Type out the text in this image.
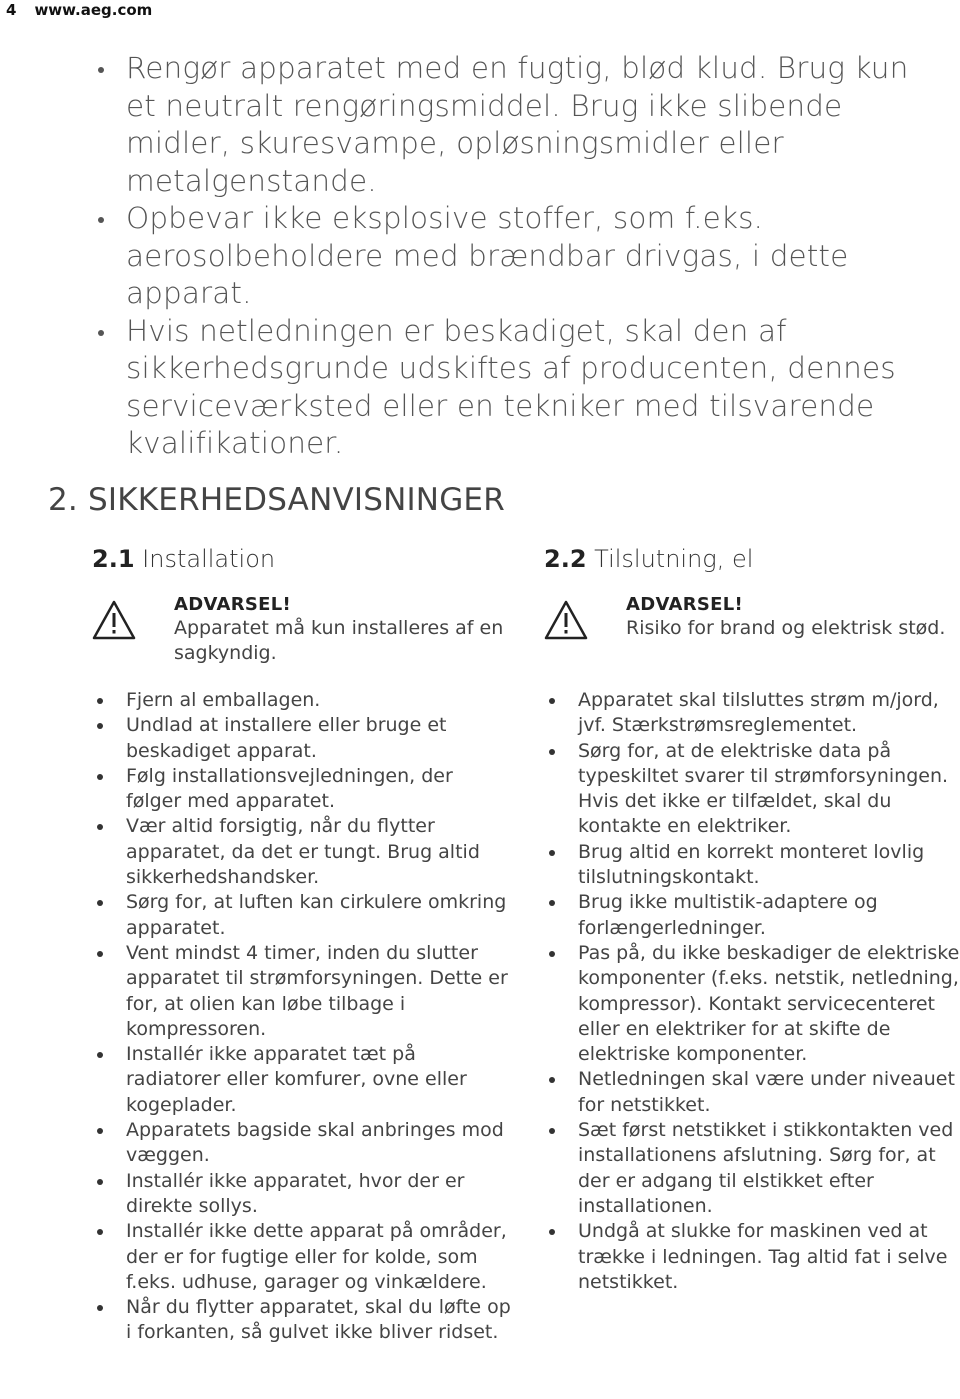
4 www.aeg.com
Rengør apparatet med en fugtig, blød klud. Brug kun et neutralt rengøringsmiddel. Brug ikke slibende midler, skuresvampe, opløsningsmidler eller metalgenstande.
Opbevar ikke eksplosive stoffer, som f.eks. aerosolbeholdere med brændbar drivgas, i dette apparat.
Hvis netledningen er beskadiget, skal den af sikkerhedsgrunde udskiftes af producenten, dennes serviceværksted eller en tekniker med tilsvarende kvalifikationer.
2. SIKKERHEDSANVISNINGER
2.1 Installation
ADVARSEL!
Apparatet må kun installeres af en sagkyndig.
Fjern al emballagen.
Undlad at installere eller bruge et beskadiget apparat.
Følg installationsvejledningen, der følger med apparatet.
Vær altid forsigtig, når du flytter apparatet, da det er tungt. Brug altid sikkerhedshandsker.
Sørg for, at luften kan cirkulere omkring apparatet.
Vent mindst 4 timer, inden du slutter apparatet til strømforsyningen. Dette er for, at olien kan løbe tilbage i kompressoren.
Installér ikke apparatet tæt på radiatorer eller komfurer, ovne eller kogeplader.
Apparatets bagside skal anbringes mod væggen.
Installér ikke apparatet, hvor der er direkte sollys.
Installér ikke dette apparat på områder, der er for fugtige eller for kolde, som f.eks. udhuse, garager og vinkældere.
Når du flytter apparatet, skal du løfte op i forkanten, så gulvet ikke bliver ridset.
2.2 Tilslutning, el
ADVARSEL!
Risiko for brand og elektrisk stød.
Apparatet skal tilsluttes strøm m/jord, jvf. Stærkstrømsreglementet.
Sørg for, at de elektriske data på typeskiltet svarer til strømforsyningen. Hvis det ikke er tilfældet, skal du kontakte en elektriker.
Brug altid en korrekt monteret lovlig tilslutningskontakt.
Brug ikke multistik-adaptere og forlængerledninger.
Pas på, du ikke beskadiger de elektriske komponenter (f.eks. netstik, netledning, kompressor). Kontakt servicecenteret eller en elektriker for at skifte de elektriske komponenter.
Netledningen skal være under niveauet for netstikket.
Sæt først netstikket i stikkontakten ved installationens afslutning. Sørg for, at der er adgang til elstikket efter installationen.
Undgå at slukke for maskinen ved at trække i ledningen. Tag altid fat i selve netstikket.
